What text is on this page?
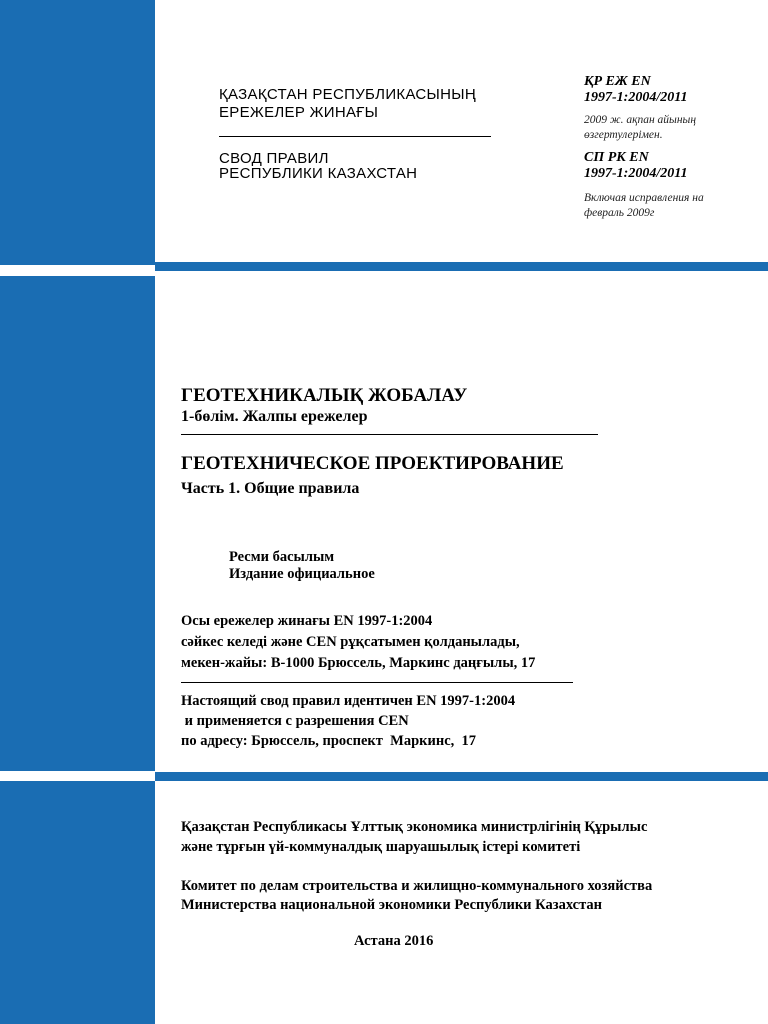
ҚАЗАҚСТАН РЕСПУБЛИКАСЫНЫҢ
ЕРЕЖЕЛЕР ЖИНАҒЫ
СВОД ПРАВИЛ
РЕСПУБЛИКИ КАЗАХСТАН
ҚР ЕЖ EN
1997-1:2004/2011
2009 ж. ақпан айының
өзгертулерімен.
СП РК EN
1997-1:2004/2011
Включая исправления на
февраль 2009г
ГЕОТЕХНИКАЛЫҚ ЖОБАЛАУ
1-бөлім. Жалпы ережелер
ГЕОТЕХНИЧЕСКОЕ ПРОЕКТИРОВАНИЕ
Часть 1. Общие правила
Ресми басылым
Издание официальное
Осы ережелер жинағы EN 1997-1:2004
сәйкес келеді және CEN рұқсатымен қолданылады,
мекен-жайы: В-1000 Брюссель, Маркинс даңғылы, 17
Настоящий свод правил идентичен EN 1997-1:2004
и применяется с разрешения CEN
по адресу: Брюссель, проспект  Маркинс,  17
Қазақстан Республикасы Ұлттық экономика министрлігінің Құрылыс
және тұрғын үй-коммуналдық шаруашылық істері комитеті
Комитет по делам строительства и жилищно-коммунального хозяйства
Министерства национальной экономики Республики Казахстан
Астана 2016
